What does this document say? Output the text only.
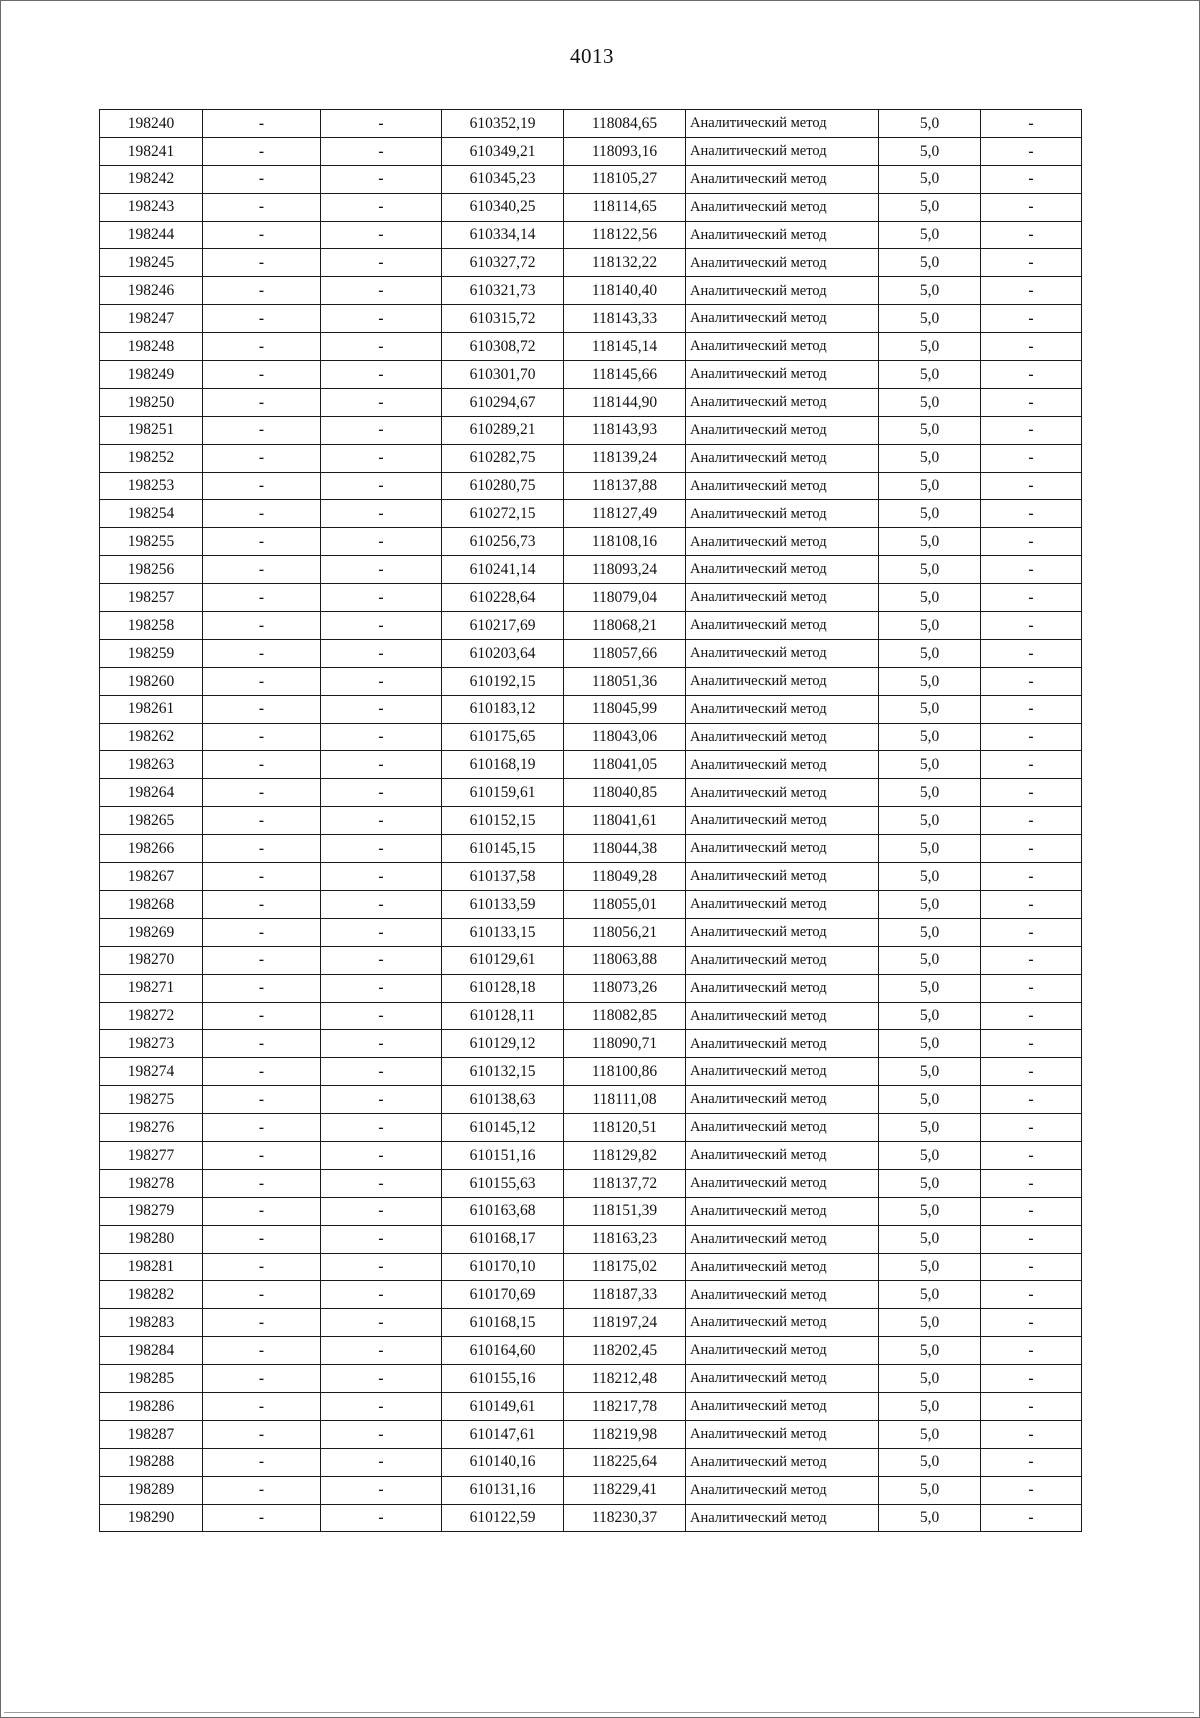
4013
198240	-	-	610352,19	118084,65	Аналитический метод	5,0	-
198241	-	-	610349,21	118093,16	Аналитический метод	5,0	-
198242	-	-	610345,23	118105,27	Аналитический метод	5,0	-
198243	-	-	610340,25	118114,65	Аналитический метод	5,0	-
198244	-	-	610334,14	118122,56	Аналитический метод	5,0	-
198245	-	-	610327,72	118132,22	Аналитический метод	5,0	-
198246	-	-	610321,73	118140,40	Аналитический метод	5,0	-
198247	-	-	610315,72	118143,33	Аналитический метод	5,0	-
198248	-	-	610308,72	118145,14	Аналитический метод	5,0	-
198249	-	-	610301,70	118145,66	Аналитический метод	5,0	-
198250	-	-	610294,67	118144,90	Аналитический метод	5,0	-
198251	-	-	610289,21	118143,93	Аналитический метод	5,0	-
198252	-	-	610282,75	118139,24	Аналитический метод	5,0	-
198253	-	-	610280,75	118137,88	Аналитический метод	5,0	-
198254	-	-	610272,15	118127,49	Аналитический метод	5,0	-
198255	-	-	610256,73	118108,16	Аналитический метод	5,0	-
198256	-	-	610241,14	118093,24	Аналитический метод	5,0	-
198257	-	-	610228,64	118079,04	Аналитический метод	5,0	-
198258	-	-	610217,69	118068,21	Аналитический метод	5,0	-
198259	-	-	610203,64	118057,66	Аналитический метод	5,0	-
198260	-	-	610192,15	118051,36	Аналитический метод	5,0	-
198261	-	-	610183,12	118045,99	Аналитический метод	5,0	-
198262	-	-	610175,65	118043,06	Аналитический метод	5,0	-
198263	-	-	610168,19	118041,05	Аналитический метод	5,0	-
198264	-	-	610159,61	118040,85	Аналитический метод	5,0	-
198265	-	-	610152,15	118041,61	Аналитический метод	5,0	-
198266	-	-	610145,15	118044,38	Аналитический метод	5,0	-
198267	-	-	610137,58	118049,28	Аналитический метод	5,0	-
198268	-	-	610133,59	118055,01	Аналитический метод	5,0	-
198269	-	-	610133,15	118056,21	Аналитический метод	5,0	-
198270	-	-	610129,61	118063,88	Аналитический метод	5,0	-
198271	-	-	610128,18	118073,26	Аналитический метод	5,0	-
198272	-	-	610128,11	118082,85	Аналитический метод	5,0	-
198273	-	-	610129,12	118090,71	Аналитический метод	5,0	-
198274	-	-	610132,15	118100,86	Аналитический метод	5,0	-
198275	-	-	610138,63	118111,08	Аналитический метод	5,0	-
198276	-	-	610145,12	118120,51	Аналитический метод	5,0	-
198277	-	-	610151,16	118129,82	Аналитический метод	5,0	-
198278	-	-	610155,63	118137,72	Аналитический метод	5,0	-
198279	-	-	610163,68	118151,39	Аналитический метод	5,0	-
198280	-	-	610168,17	118163,23	Аналитический метод	5,0	-
198281	-	-	610170,10	118175,02	Аналитический метод	5,0	-
198282	-	-	610170,69	118187,33	Аналитический метод	5,0	-
198283	-	-	610168,15	118197,24	Аналитический метод	5,0	-
198284	-	-	610164,60	118202,45	Аналитический метод	5,0	-
198285	-	-	610155,16	118212,48	Аналитический метод	5,0	-
198286	-	-	610149,61	118217,78	Аналитический метод	5,0	-
198287	-	-	610147,61	118219,98	Аналитический метод	5,0	-
198288	-	-	610140,16	118225,64	Аналитический метод	5,0	-
198289	-	-	610131,16	118229,41	Аналитический метод	5,0	-
198290	-	-	610122,59	118230,37	Аналитический метод	5,0	-
